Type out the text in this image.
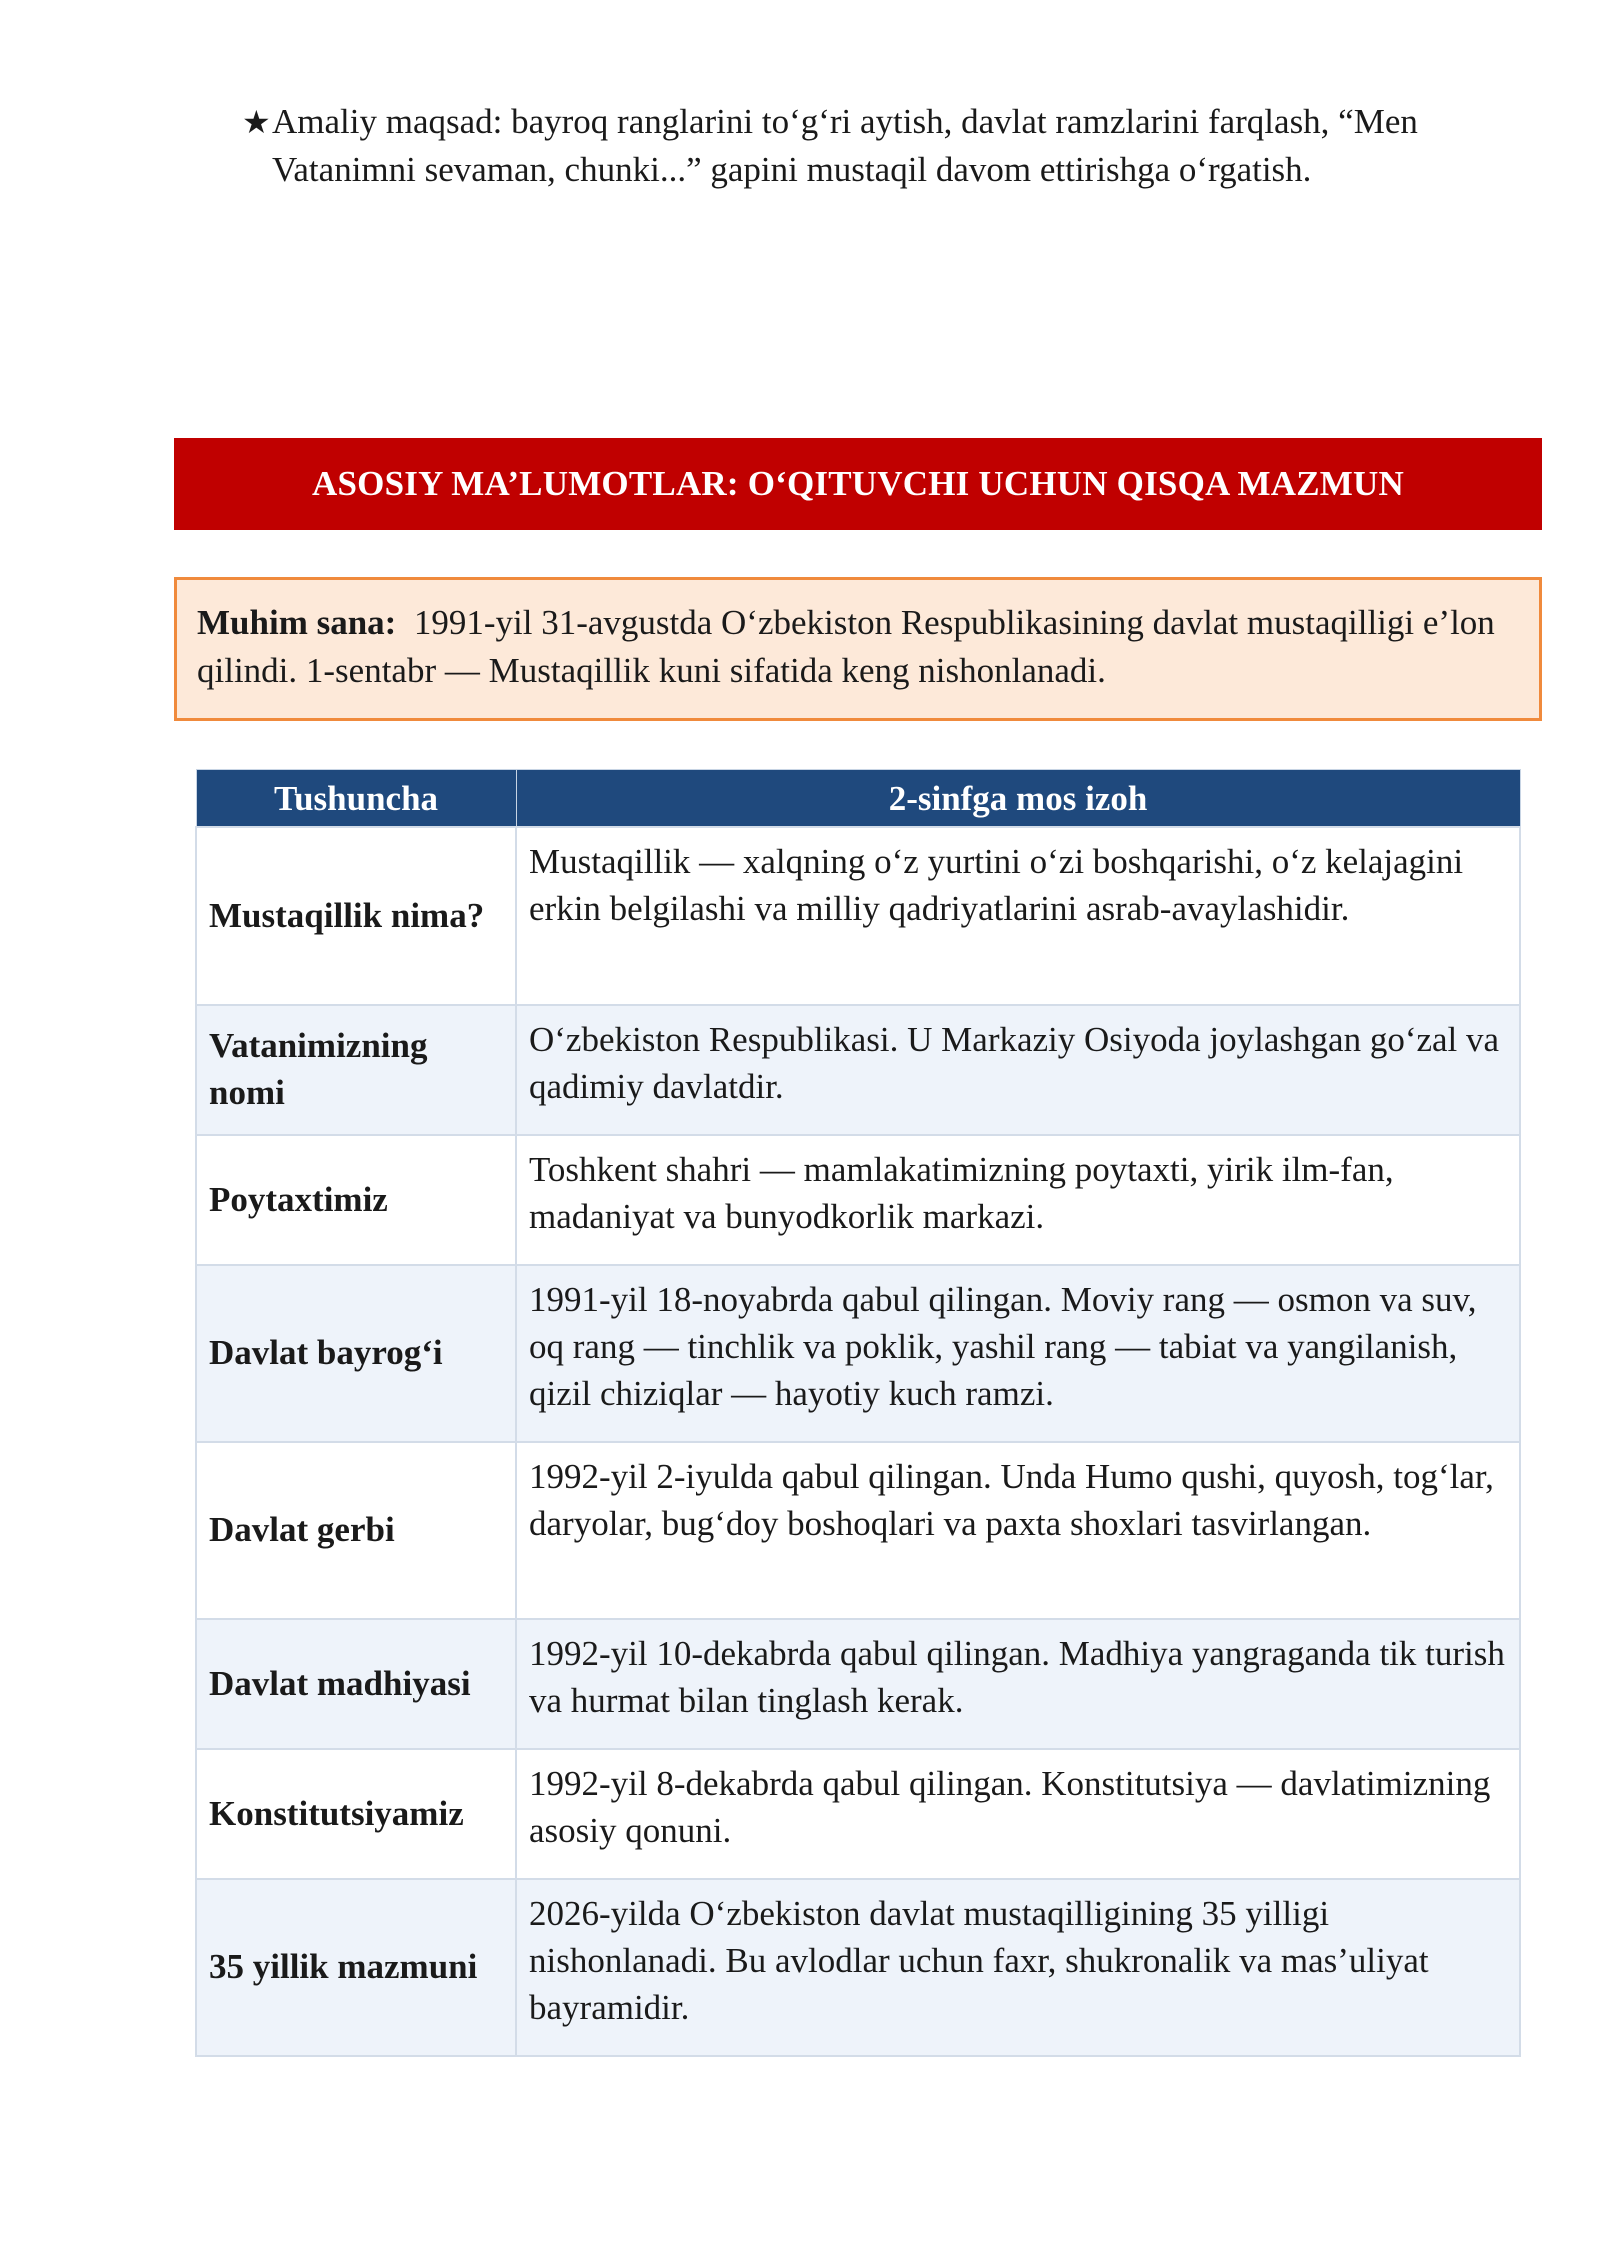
★ Amaliy maqsad: bayroq ranglarini to‘g‘ri aytish, davlat ramzlarini farqlash, “Men Vatanimni sevaman, chunki...” gapini mustaqil davom ettirishga o‘rgatish.
ASOSIY MA’LUMOTLAR: O‘QITUVCHI UCHUN QISQA MAZMUN
Muhim sana: 1991-yil 31-avgustda O‘zbekiston Respublikasining davlat mustaqilligi e’lon qilindi. 1-sentabr — Mustaqillik kuni sifatida keng nishonlanadi.
Tushuncha	2-sinfga mos izoh
Mustaqillik nima?	Mustaqillik — xalqning o‘z yurtini o‘zi boshqarishi, o‘z kelajagini erkin belgilashi va milliy qadriyatlarini asrab-avaylashidir.
Vatanimizning nomi	O‘zbekiston Respublikasi. U Markaziy Osiyoda joylashgan go‘zal va qadimiy davlatdir.
Poytaxtimiz	Toshkent shahri — mamlakatimizning poytaxti, yirik ilm-fan, madaniyat va bunyodkorlik markazi.
Davlat bayrog‘i	1991-yil 18-noyabrda qabul qilingan. Moviy rang — osmon va suv, oq rang — tinchlik va poklik, yashil rang — tabiat va yangilanish, qizil chiziqlar — hayotiy kuch ramzi.
Davlat gerbi	1992-yil 2-iyulda qabul qilingan. Unda Humo qushi, quyosh, tog‘lar, daryolar, bug‘doy boshoqlari va paxta shoxlari tasvirlangan.
Davlat madhiyasi	1992-yil 10-dekabrda qabul qilingan. Madhiya yangraganda tik turish va hurmat bilan tinglash kerak.
Konstitutsiyamiz	1992-yil 8-dekabrda qabul qilingan. Konstitutsiya — davlatimizning asosiy qonuni.
35 yillik mazmuni	2026-yilda O‘zbekiston davlat mustaqilligining 35 yilligi nishonlanadi. Bu avlodlar uchun faxr, shukronalik va mas’uliyat bayramidir.
